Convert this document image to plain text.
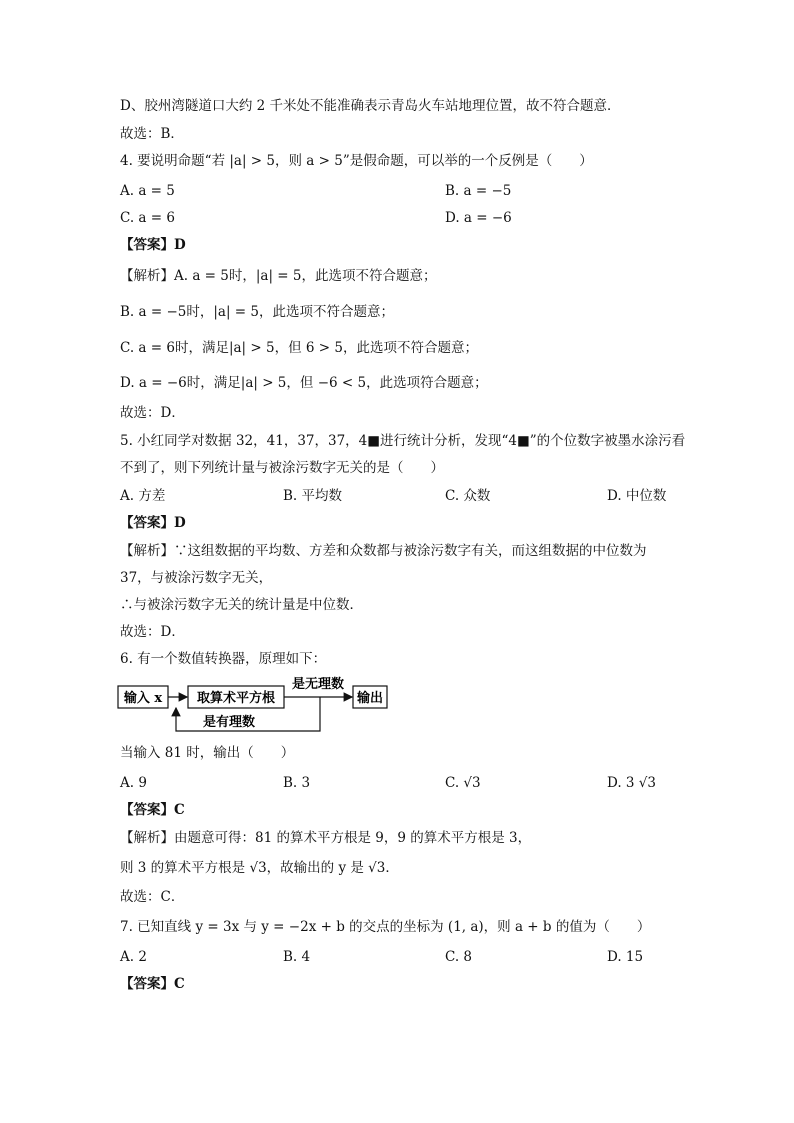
D、胶州湾隧道口大约 2 千米处不能准确表示青岛火车站地理位置，故不符合题意．
故选：B．
4. 要说明命题“若 |a| > 5，则 a > 5”是假命题，可以举的一个反例是（　　）
A. a = 5	B. a = −5
C. a = 6	D. a = −6
【答案】D
【解析】A. a = 5时，|a| = 5，此选项不符合题意；
B. a = −5时，|a| = 5，此选项不符合题意；
C. a = 6时，满足|a| > 5，但 6 > 5，此选项不符合题意；
D. a = −6时，满足|a| > 5，但 −6 < 5，此选项符合题意；
故选：D．
5. 小红同学对数据 32，41，37，37，4■进行统计分析，发现“4■”的个位数字被墨水涂污看
不到了，则下列统计量与被涂污数字无关的是（　　）
A. 方差	B. 平均数	C. 众数	D. 中位数
【答案】D
【解析】∵这组数据的平均数、方差和众数都与被涂污数字有关，而这组数据的中位数为
37，与被涂污数字无关，
∴与被涂污数字无关的统计量是中位数．
故选：D．
6. 有一个数值转换器，原理如下：
输入 x	取算术平方根
是无理数
输出
是有理数
当输入 81 时，输出（　　）
A. 9	B. 3	C. √3	D. 3 √3
【答案】C
【解析】由题意可得：81 的算术平方根是 9，9 的算术平方根是 3，
则 3 的算术平方根是 √3，故输出的 y 是 √3．
故选：C．
7. 已知直线 y = 3x 与 y = −2x + b 的交点的坐标为 (1, a)，则 a + b 的值为（　　）
A. 2	B. 4	C. 8	D. 15
【答案】C
